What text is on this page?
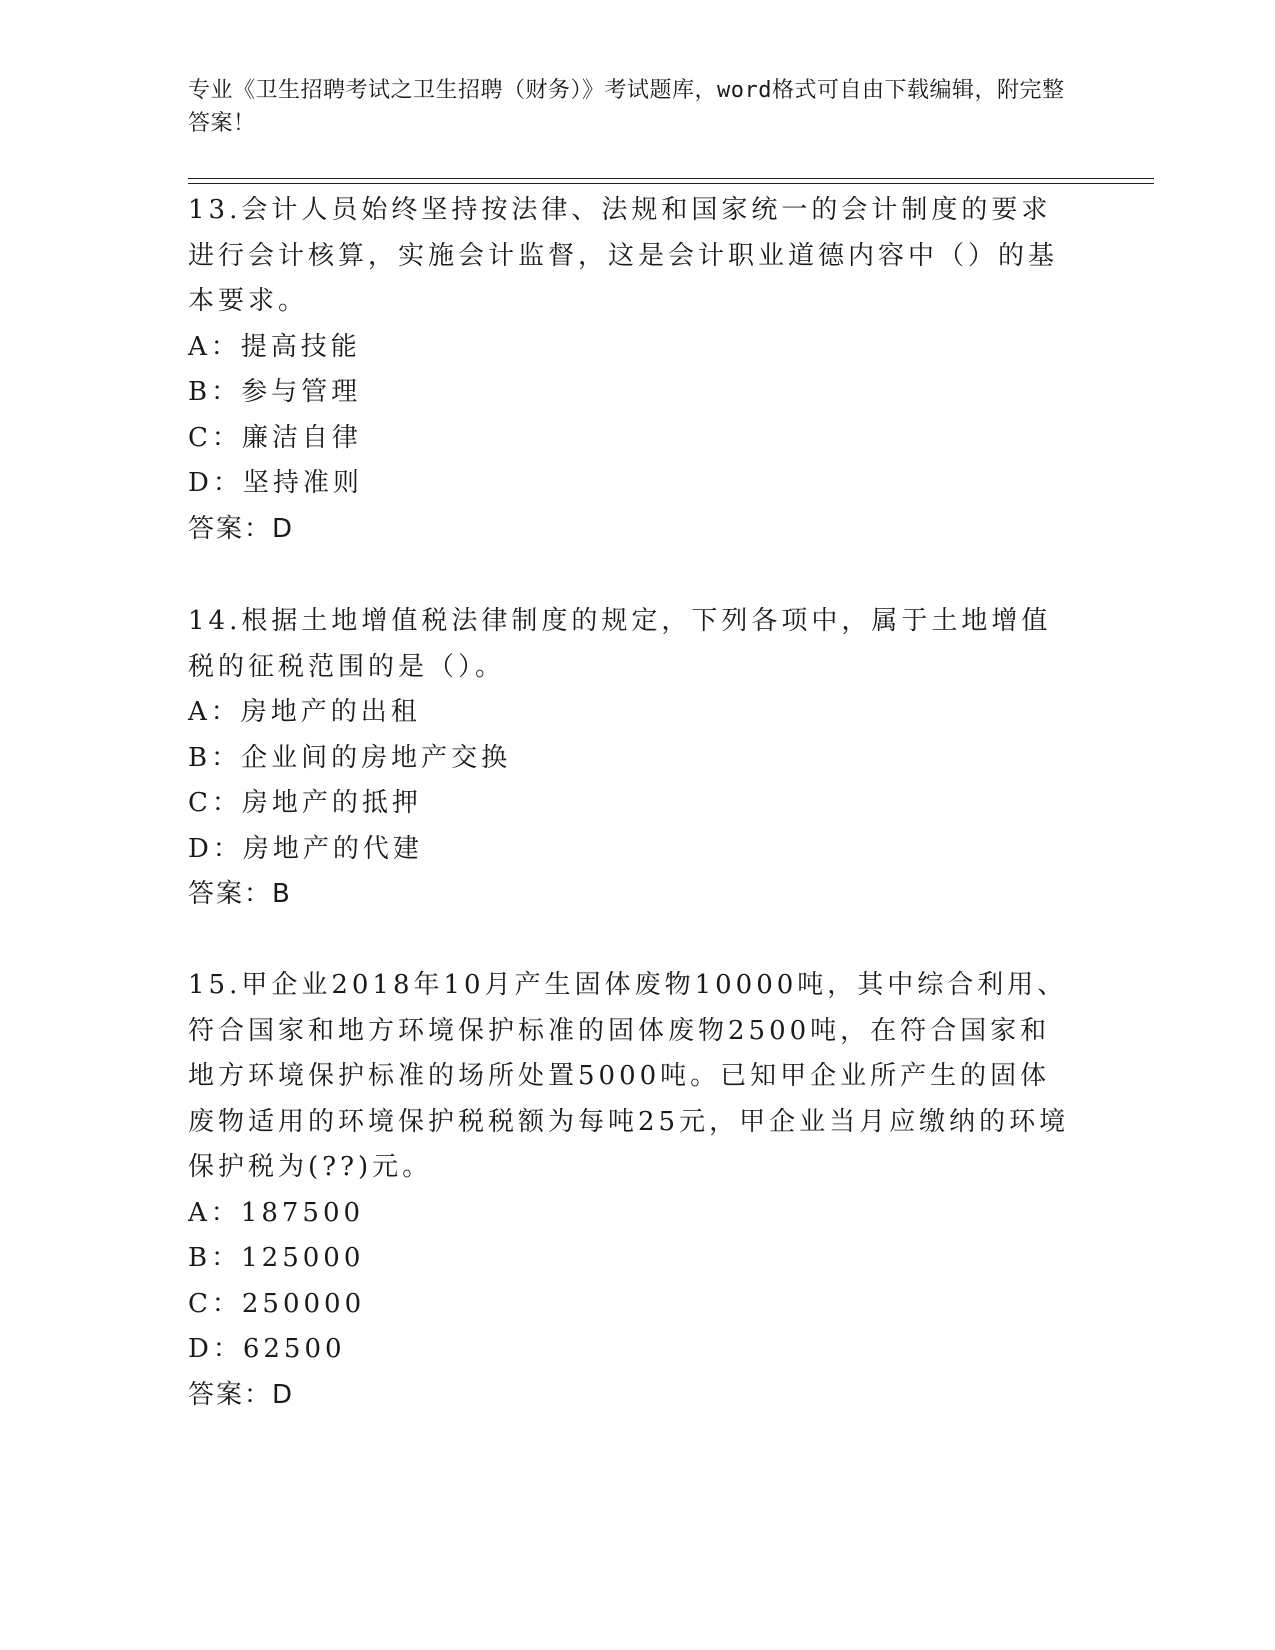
专业《卫生招聘考试之卫生招聘（财务）》考试题库，word格式可自由下载编辑，附完整答案！

13.会计人员始终坚持按法律、法规和国家统一的会计制度的要求进行会计核算，实施会计监督，这是会计职业道德内容中（）的基本要求。

A：提高技能

B：参与管理

C：廉洁自律

D：坚持准则

答案：D

14.根据土地增值税法律制度的规定，下列各项中，属于土地增值税的征税范围的是（）。

A：房地产的出租

B：企业间的房地产交换

C：房地产的抵押

D：房地产的代建

答案：B

15.甲企业2018年10月产生固体废物10000吨，其中综合利用、符合国家和地方环境保护标准的固体废物2500吨，在符合国家和地方环境保护标准的场所处置5000吨。已知甲企业所产生的固体废物适用的环境保护税税额为每吨25元，甲企业当月应缴纳的环境保护税为(??)元。

A：187500

B：125000

C：250000

D：62500

答案：D
